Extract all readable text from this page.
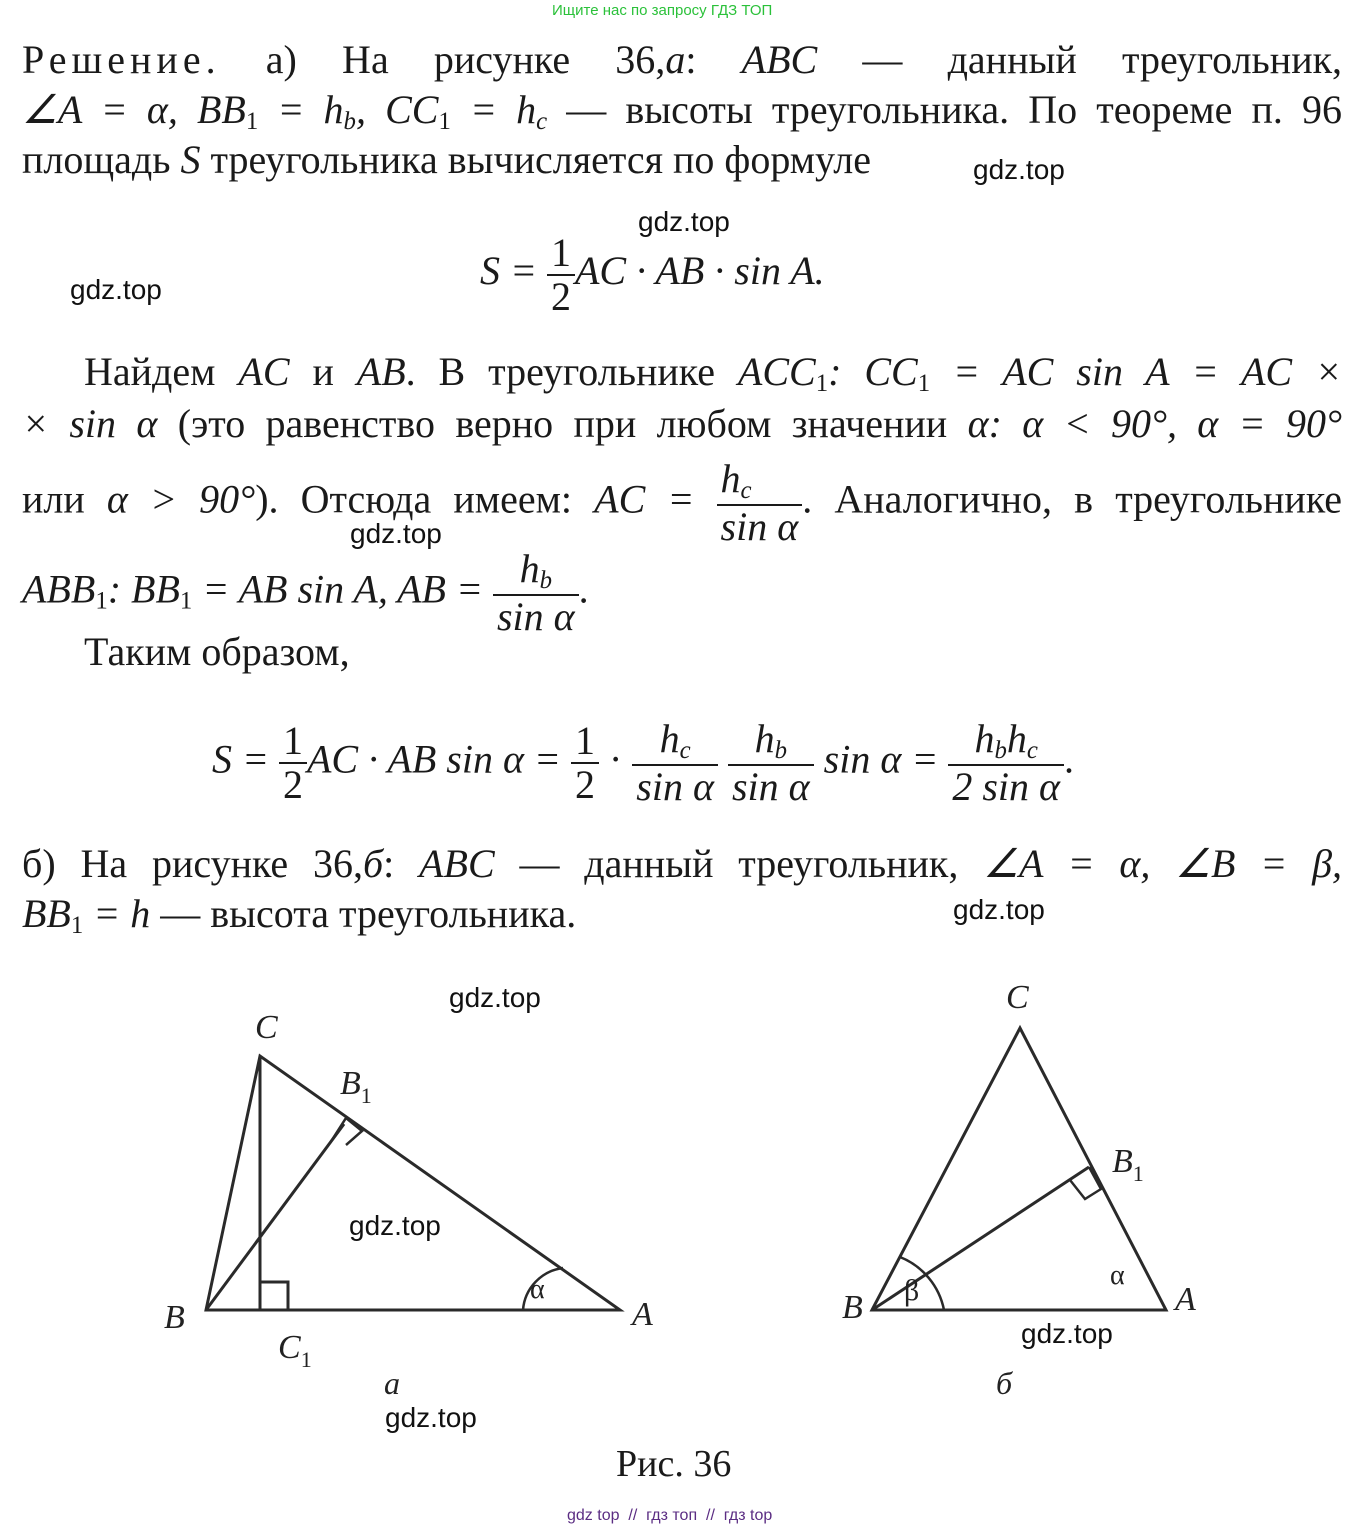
Ищите нас по запросу ГДЗ ТОП
Решение. а) На рисунке 36,а: ABC — данный треугольник,
∠A = α, $BB_1 = h_b$, $CC_1 = h_c$ — высоты треугольника. По теореме п. 96
площадь S треугольника вычисляется по формуле	gdz.top
gdz.top
gdz.top	$S = \frac{1}{2}$ AC · AB · sin A.
Найдем AC и AB. В треугольнике $ACC_1$: $CC_1$ = AC sin A = AC ×
× sin α (это равенство верно при любом значении α: α < 90°, α = 90°
или α > 90°). Отсюда имеем: AC = $\frac{h_c}{\text{sin α}}$ . Аналогично, в треугольнике
gdz.top
$ABB_1$: $BB_1$ = AB sin A, AB = $\frac{h_b}{\text{sin α}}$ .
Таким образом,
$S = \frac{1}{2}$ AC · AB $\sin \alpha = \frac{1}{2} \cdot \frac{h_c}{\text{sin α}}$
$\frac{h_b}{\text{sin α}}$ $\sin \alpha = \frac{h_bh_c}{\text{2 sin α}}$ .
б) На рисунке 36,б: ABC — данный треугольник, ∠A = α, ∠B = β,
$BB_1 = h$ — высота треугольника.	gdz.top
gdz.top
C
$B_1$
B
$C_1$
A
α
а
C
$B_1$
B	A
α
β
б
gdz.top
gdz.top
gdz.top
Рис. 36
gdz top  //  гдз топ  //  гдз top
